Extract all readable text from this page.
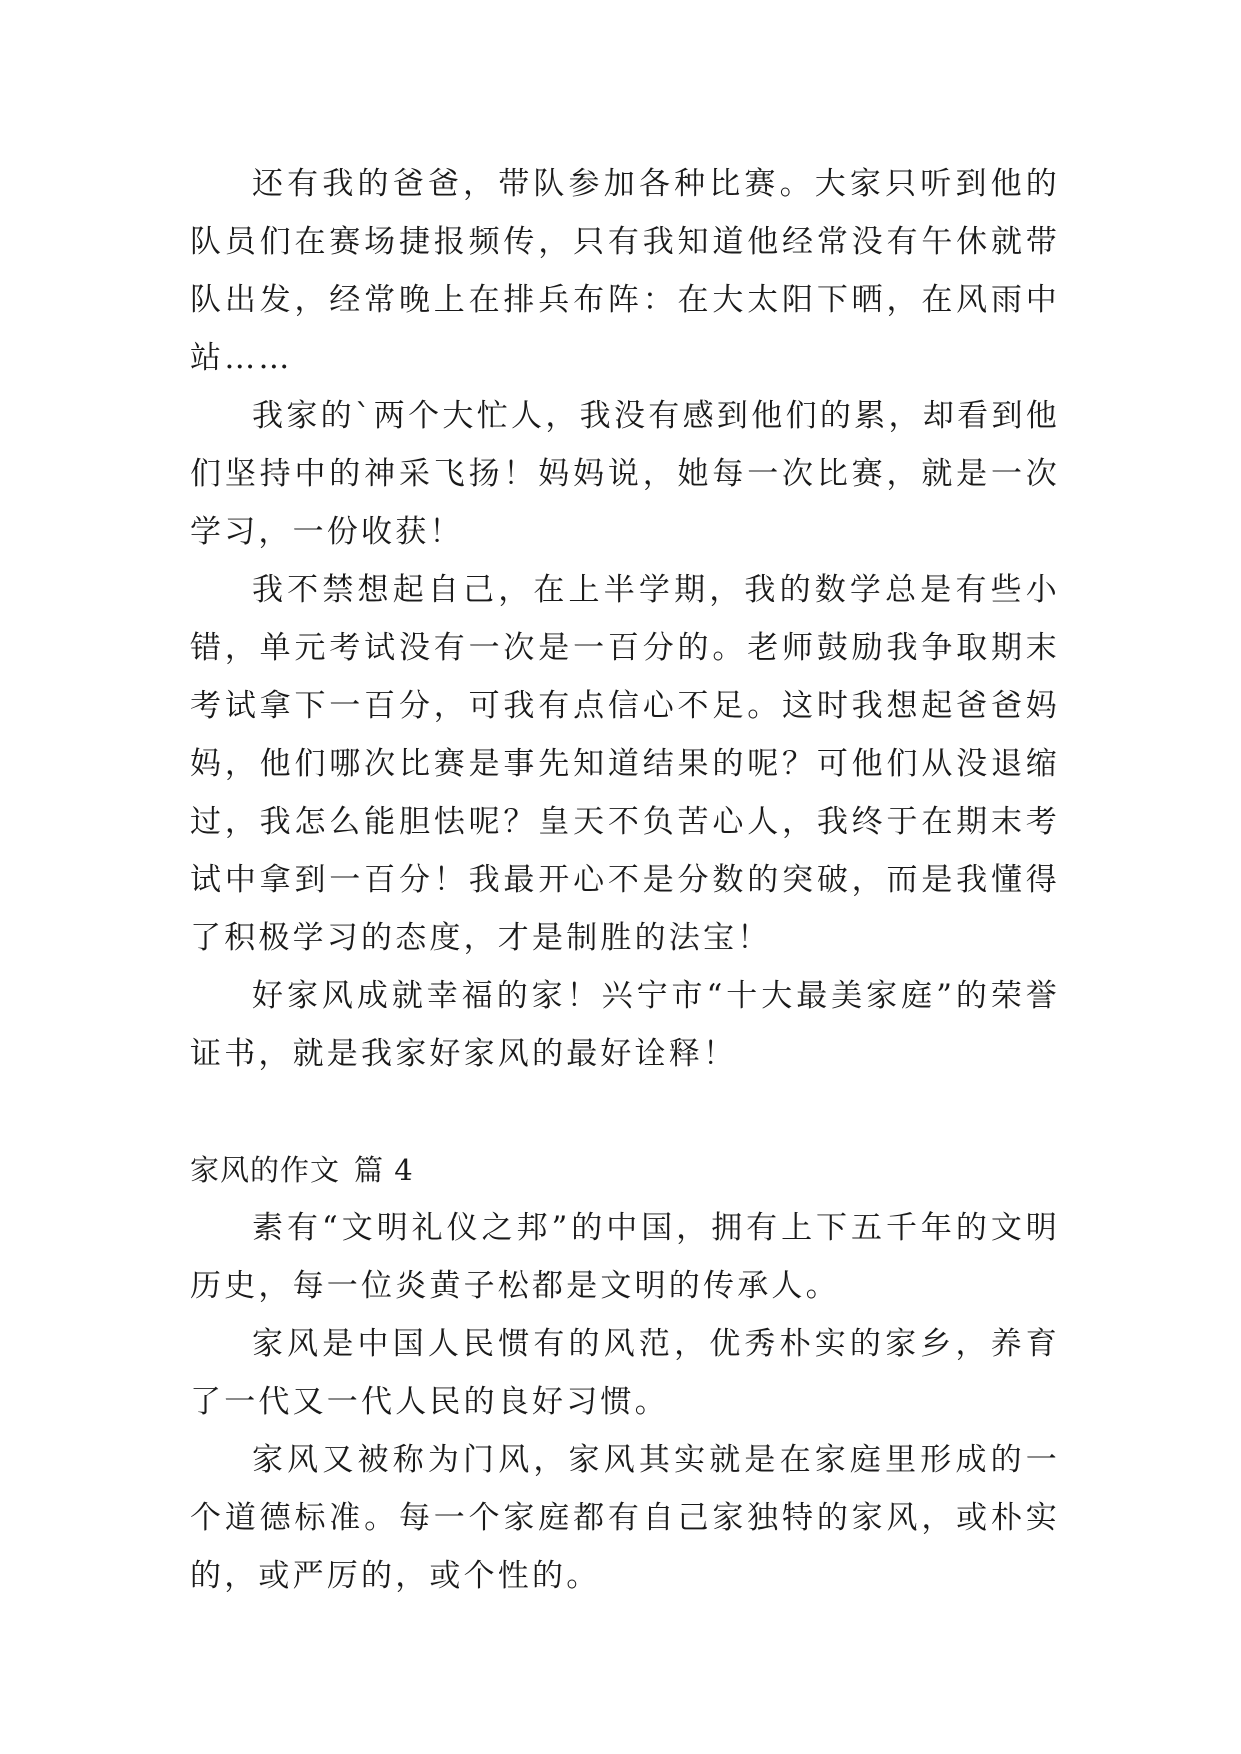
还有我的爸爸，带队参加各种比赛。大家只听到他的队员们在赛场捷报频传，只有我知道他经常没有午休就带队出发，经常晚上在排兵布阵：在大太阳下晒，在风雨中站……

我家的`两个大忙人，我没有感到他们的累，却看到他们坚持中的神采飞扬！妈妈说，她每一次比赛，就是一次学习，一份收获！

我不禁想起自己，在上半学期，我的数学总是有些小错，单元考试没有一次是一百分的。老师鼓励我争取期末考试拿下一百分，可我有点信心不足。这时我想起爸爸妈妈，他们哪次比赛是事先知道结果的呢？可他们从没退缩过，我怎么能胆怯呢？皇天不负苦心人，我终于在期末考试中拿到一百分！我最开心不是分数的突破，而是我懂得了积极学习的态度，才是制胜的法宝！

好家风成就幸福的家！兴宁市“十大最美家庭”的荣誉证书，就是我家好家风的最好诠释！

家风的作文 篇 4

素有“文明礼仪之邦”的中国，拥有上下五千年的文明历史，每一位炎黄子松都是文明的传承人。

家风是中国人民惯有的风范，优秀朴实的家乡，养育了一代又一代人民的良好习惯。

家风又被称为门风，家风其实就是在家庭里形成的一个道德标准。每一个家庭都有自己家独特的家风，或朴实的，或严厉的，或个性的。
